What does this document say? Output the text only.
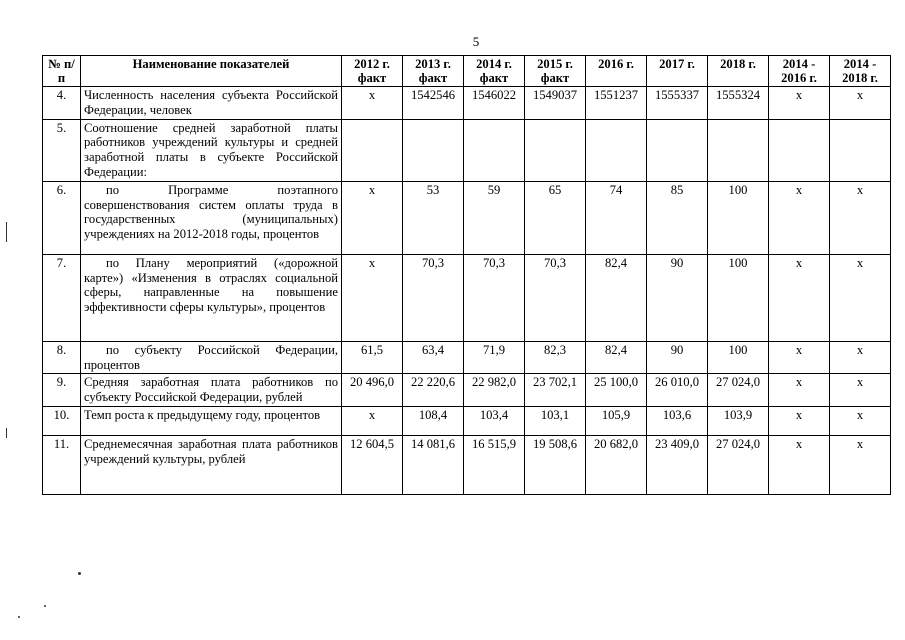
5
№ п/п	Наименование показателей	2012 г. факт	2013 г. факт	2014 г. факт	2015 г. факт	2016 г.	2017 г.	2018 г.	2014 - 2016 г.	2014 - 2018 г.
4.	Численность населения субъекта Российской Федерации, человек	x	1542546	1546022	1549037	1551237	1555337	1555324	x	x
5.	Соотношение средней заработной платы работников учреждений культуры и средней заработной платы в субъекте Российской Федерации:									
6.	по Программе поэтапного совершенствования систем оплаты труда в государственных (муниципальных) учреждениях на 2012-2018 годы, процентов	x	53	59	65	74	85	100	x	x
7.	по Плану мероприятий («дорожной карте») «Изменения в отраслях социальной сферы, направленные на повышение эффективности сферы культуры», процентов	x	70,3	70,3	70,3	82,4	90	100	x	x
8.	по субъекту Российской Федерации, процентов	61,5	63,4	71,9	82,3	82,4	90	100	x	x
9.	Средняя заработная плата работников по субъекту Российской Федерации, рублей	20 496,0	22 220,6	22 982,0	23 702,1	25 100,0	26 010,0	27 024,0	x	x
10.	Темп роста к предыдущему году, процентов	x	108,4	103,4	103,1	105,9	103,6	103,9	x	x
11.	Среднемесячная заработная плата работников учреждений культуры, рублей	12 604,5	14 081,6	16 515,9	19 508,6	20 682,0	23 409,0	27 024,0	x	x
